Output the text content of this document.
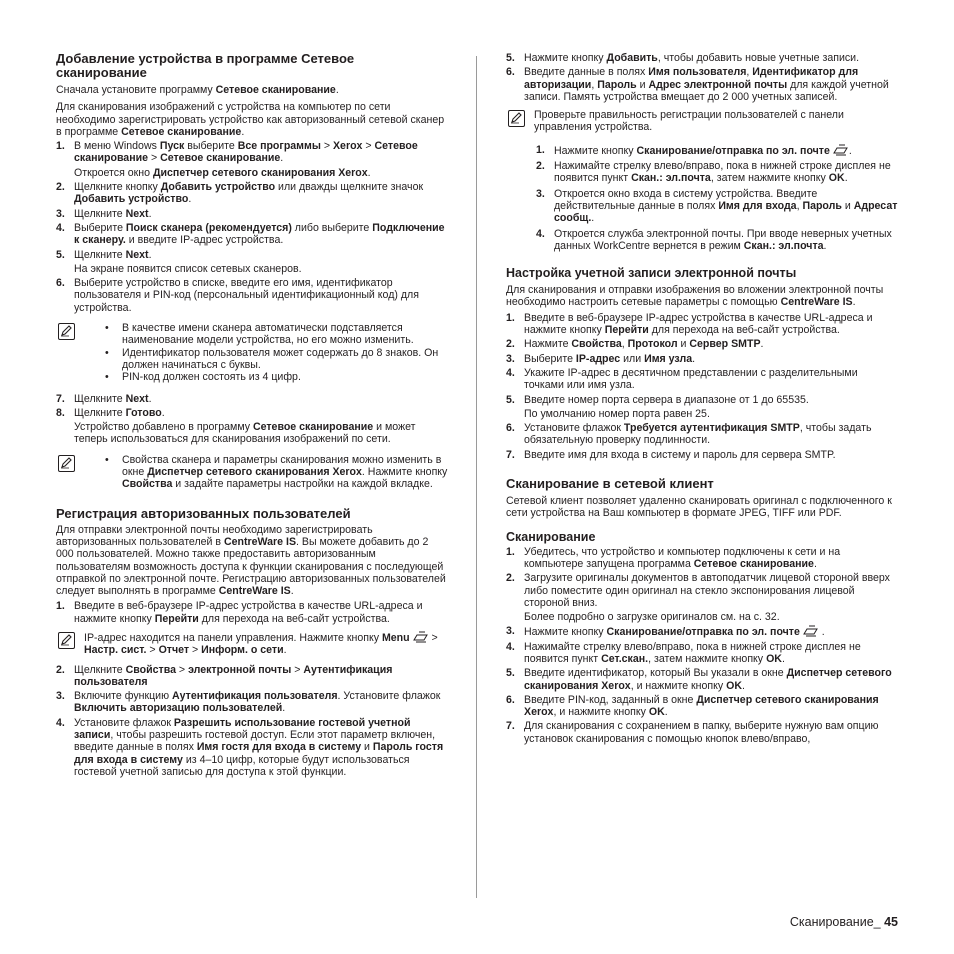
Добавление устройства в программе Сетевое сканирование

Сначала установите программу Сетевое сканирование.

Для сканирования изображений с устройства на компьютер по сети необходимо зарегистрировать устройство как авторизованный сетевой сканер в программе Сетевое сканирование.

1. В меню Windows Пуск выберите Все программы > Xerox > Сетевое сканирование > Сетевое сканирование.
Откроется окно Диспетчер сетевого сканирования Xerox.
2. Щелкните кнопку Добавить устройство или дважды щелкните значок Добавить устройство.
3. Щелкните Next.
4. Выберите Поиск сканера (рекомендуется) либо выберите Подключение к сканеру. и введите IP-адрес устройства.
5. Щелкните Next.
На экране появится список сетевых сканеров.
6. Выберите устройство в списке, введите его имя, идентификатор пользователя и PIN-код (персональный идентификационный код) для устройства.
• В качестве имени сканера автоматически подставляется наименование модели устройства, но его можно изменить.
• Идентификатор пользователя может содержать до 8 знаков. Он должен начинаться с буквы.
• PIN-код должен состоять из 4 цифр.
7. Щелкните Next.
8. Щелкните Готово.
Устройство добавлено в программу Сетевое сканирование и может теперь использоваться для сканирования изображений по сети.
• Свойства сканера и параметры сканирования можно изменить в окне Диспетчер сетевого сканирования Xerox. Нажмите кнопку Свойства и задайте параметры настройки на каждой вкладке.
Регистрация авторизованных пользователей

Для отправки электронной почты необходимо зарегистрировать авторизованных пользователей в CentreWare IS. Вы можете добавить до 2 000 пользователей. Можно также предоставить авторизованным пользователям возможность доступа к функции сканирования с последующей отправкой по электронной почте. Регистрацию авторизованных пользователей следует выполнять в программе CentreWare IS.

1. Введите в веб-браузере IP-адрес устройства в качестве URL-адреса и нажмите кнопку Перейти для перехода на веб-сайт устройства.

IP-адрес находится на панели управления. Нажмите кнопку Menu  > Настр. сист. > Отчет > Информ. о сети.

2. Щелкните Свойства > электронной почты > Аутентификация пользователя
3. Включите функцию Аутентификация пользователя. Установите флажок Включить авторизацию пользователей.
4. Установите флажок Разрешить использование гостевой учетной записи, чтобы разрешить гостевой доступ. Если этот параметр включен, введите данные в полях Имя гостя для входа в систему и Пароль гостя для входа в систему из 4–10 цифр, которые будут использоваться гостевой учетной записью для доступа к этой функции.
5. Нажмите кнопку Добавить, чтобы добавить новые учетные записи.
6. Введите данные в полях Имя пользователя, Идентификатор для авторизации, Пароль и Адрес электронной почты для каждой учетной записи. Память устройства вмещает до 2 000 учетных записей.

Проверьте правильность регистрации пользователей с панели управления устройства.

1. Нажмите кнопку Сканирование/отправка по эл. почте .
2. Нажимайте стрелку влево/вправо, пока в нижней строке дисплея не появится пункт Скан.: эл.почта, затем нажмите кнопку OK.
3. Откроется окно входа в систему устройства. Введите действительные данные в полях Имя для входа, Пароль и Адресат сообщ..
4. Откроется служба электронной почты. При вводе неверных учетных данных WorkCentre вернется в режим Скан.: эл.почта.
Настройка учетной записи электронной почты

Для сканирования и отправки изображения во вложении электронной почты необходимо настроить сетевые параметры с помощью CentreWare IS.

1. Введите в веб-браузере IP-адрес устройства в качестве URL-адреса и нажмите кнопку Перейти для перехода на веб-сайт устройства.
2. Нажмите Свойства, Протокол и Сервер SMTP.
3. Выберите IP-адрес или Имя узла.
4. Укажите IP-адрес в десятичном представлении с разделительными точками или имя узла.
5. Введите номер порта сервера в диапазоне от 1 до 65535.
По умолчанию номер порта равен 25.
6. Установите флажок Требуется аутентификация SMTP, чтобы задать обязательную проверку подлинности.
7. Введите имя для входа в систему и пароль для сервера SMTP.
Сканирование в сетевой клиент

Сетевой клиент позволяет удаленно сканировать оригинал с подключенного к сети устройства на Ваш компьютер в формате JPEG, TIFF или PDF.

Сканирование
1. Убедитесь, что устройство и компьютер подключены к сети и на компьютере запущена программа Сетевое сканирование.
2. Загрузите оригиналы документов в автоподатчик лицевой стороной вверх либо поместите один оригинал на стекло экспонирования лицевой стороной вниз.
Более подробно о загрузке оригиналов см. на с. 32.
3. Нажмите кнопку Сканирование/отправка по эл. почте  .
4. Нажимайте стрелку влево/вправо, пока в нижней строке дисплея не появится пункт Сет.скан., затем нажмите кнопку OK.
5. Введите идентификатор, который Вы указали в окне Диспетчер сетевого сканирования Xerox, и нажмите кнопку OK.
6. Введите PIN-код, заданный в окне Диспетчер сетевого сканирования Xerox, и нажмите кнопку OK.
7. Для сканирования с сохранением в папку, выберите нужную вам опцию установок сканирования с помощью кнопок влево/вправо,
Сканирование_ 45
